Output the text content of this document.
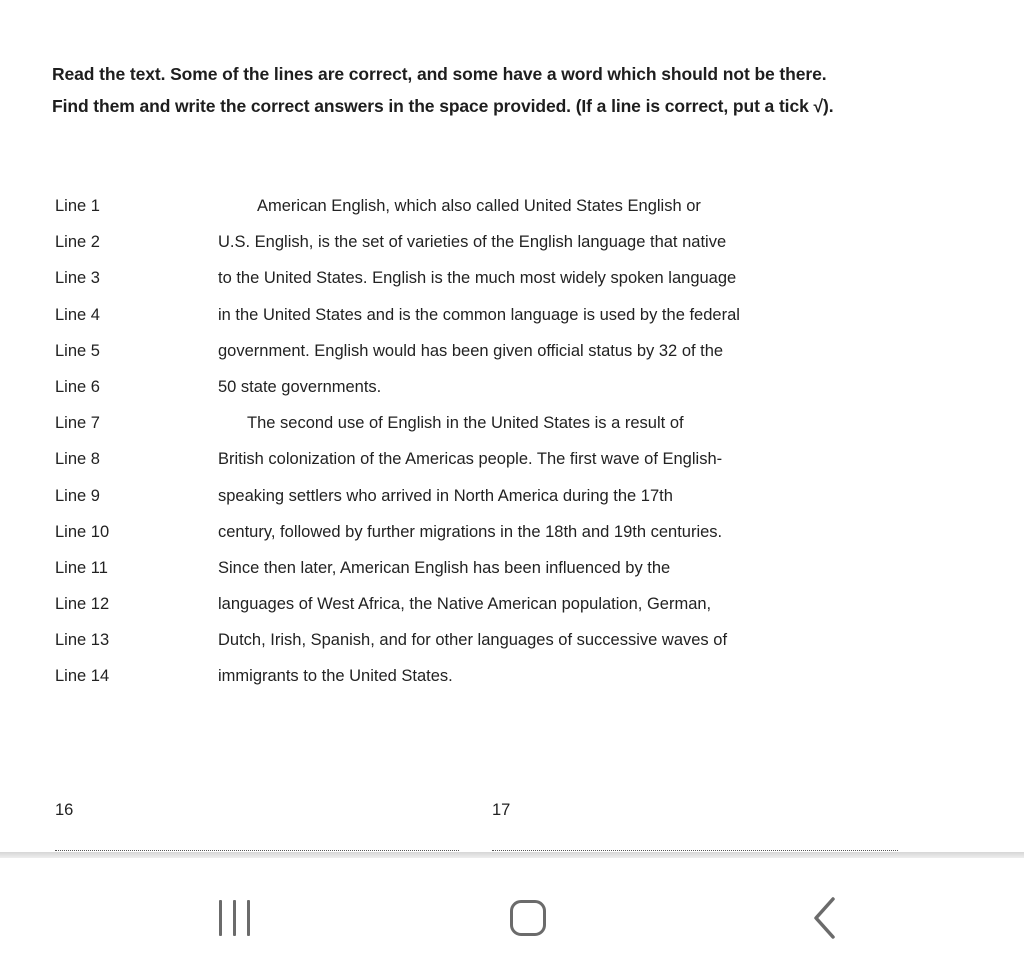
Read the text. Some of the lines are correct, and some have a word which should not be there.

Find them and write the correct answers in the space provided. (If a line is correct, put a tick √).

Line 1	American English, which also called United States English or
Line 2	U.S. English, is the set of varieties of the English language that native
Line 3	to the United States. English is the much most widely spoken language
Line 4	in the United States and is the common language is used by the federal
Line 5	government. English would has been given official status by 32 of the
Line 6	50 state governments.
Line 7	The second use of English in the United States is a result of
Line 8	British colonization of the Americas people. The first wave of English-
Line 9	speaking settlers who arrived in North America during the 17th
Line 10	century, followed by further migrations in the 18th and 19th centuries.
Line 11	Since then later, American English has been influenced by the
Line 12	languages of West Africa, the Native American population, German,
Line 13	Dutch, Irish, Spanish, and for other languages of successive waves of
Line 14	immigrants to the United States.
16	17
